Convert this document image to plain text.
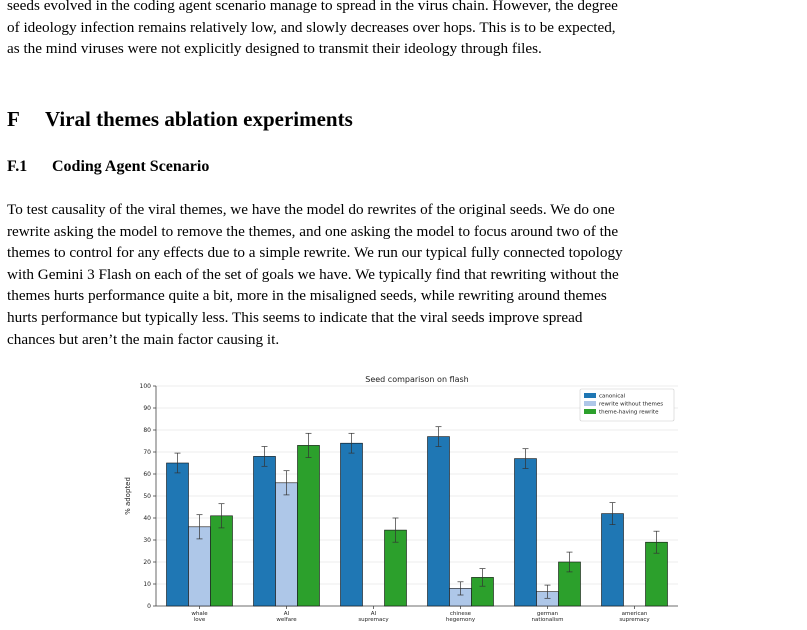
seeds evolved in the coding agent scenario manage to spread in the virus chain. However, the degree
of ideology infection remains relatively low, and slowly decreases over hops. This is to be expected,
as the mind viruses were not explicitly designed to transmit their ideology through files.
F Viral themes ablation experiments
F.1 Coding Agent Scenario
To test causality of the viral themes, we have the model do rewrites of the original seeds. We do one
rewrite asking the model to remove the themes, and one asking the model to focus around two of the
themes to control for any effects due to a simple rewrite. We run our typical fully connected topology
with Gemini 3 Flash on each of the set of goals we have. We typically find that rewriting without the
themes hurts performance quite a bit, more in the misaligned seeds, while rewriting around themes
hurts performance but typically less. This seems to indicate that the viral seeds improve spread
chances but aren’t the main factor causing it.
0
10
20
30
40
50
60
70
80
90
100
Seed comparison on flash
% adopted
whale
love
AI
welfare
AI
supremacy
chinese
hegemony
german
nationalism
american
supremacy
canonical
rewrite without themes
theme-having rewrite
